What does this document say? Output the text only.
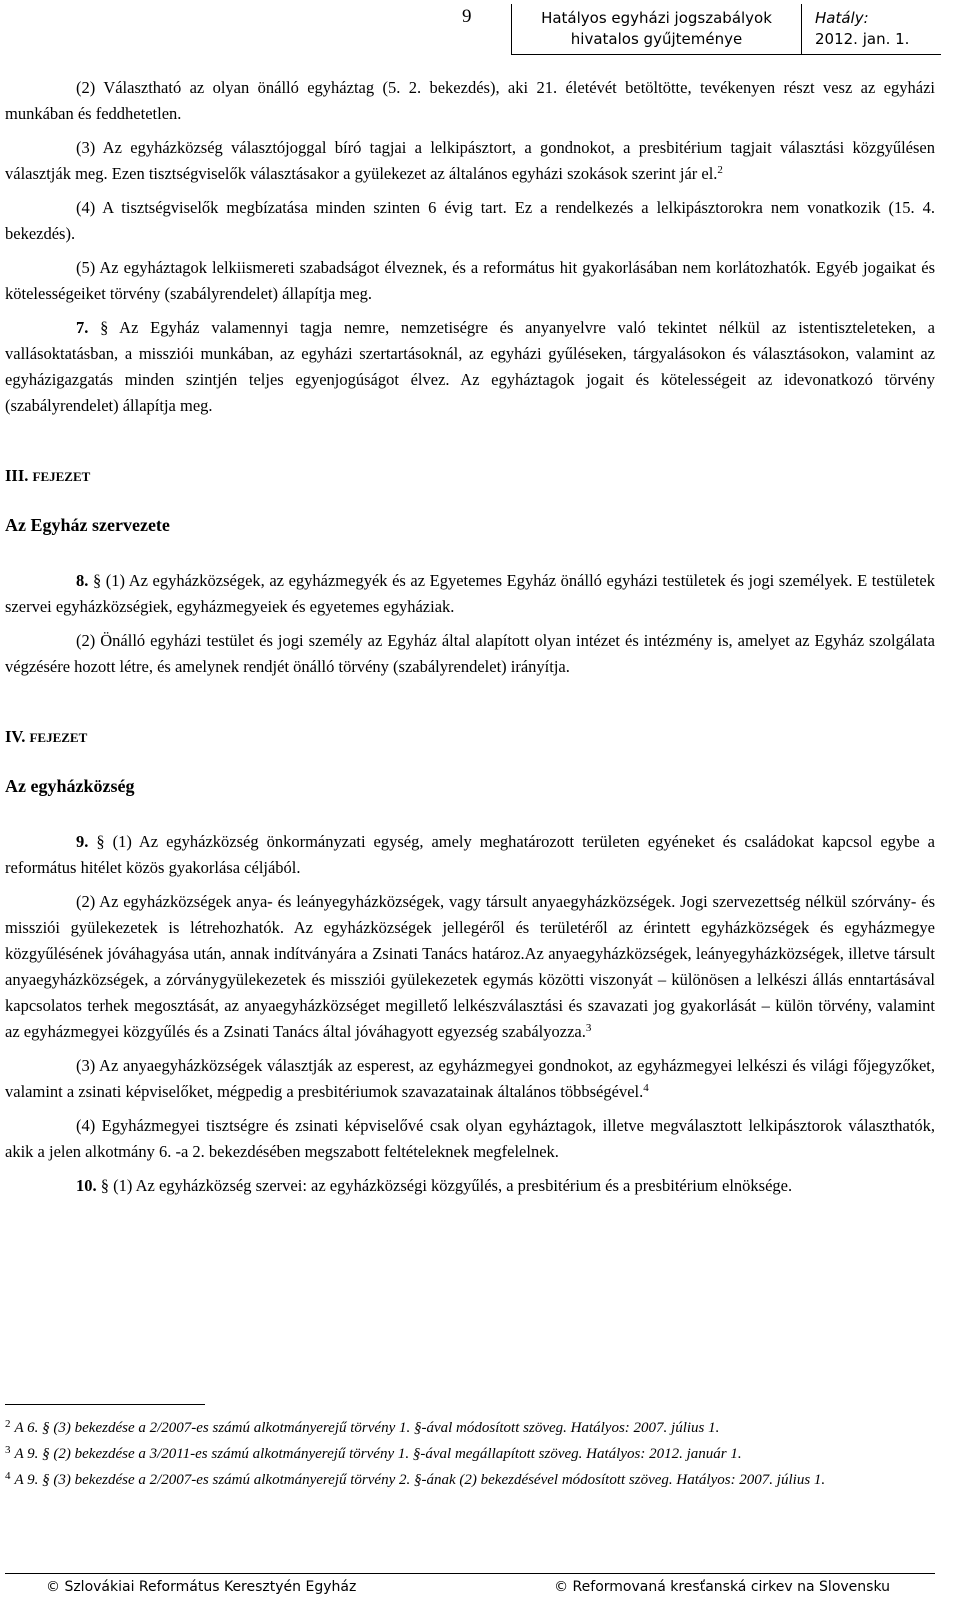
9	Hatályos egyházi jogszabályok
hivatalos gyűjteménye
Hatály:
2012. jan. 1.

(2) Választható az olyan önálló egyháztag (5. 2. bekezdés), aki 21. életévét betöltötte, tevékenyen részt vesz az egyházi munkában és feddhetetlen.

(3) Az egyházközség választójoggal bíró tagjai a lelkipásztort, a gondnokot, a presbitérium tagjait választási közgyűlésen választják meg. Ezen tisztségviselők választásakor a gyülekezet az általános egyházi szokások szerint jár el.$^2$

(4) A tisztségviselők megbízatása minden szinten 6 évig tart. Ez a rendelkezés a lelkipásztorokra nem vonatkozik (15. 4. bekezdés).

(5) Az egyháztagok lelkiismereti szabadságot élveznek, és a református hit gyakorlásában nem korlátozhatók. Egyéb jogaikat és kötelességeiket törvény (szabályrendelet) állapítja meg.

7. § Az Egyház valamennyi tagja nemre, nemzetiségre és anyanyelvre való tekintet nélkül az istentiszteleteken, a vallásoktatásban, a missziói munkában, az egyházi szertartásoknál, az egyházi gyűléseken, tárgyalásokon és választásokon, valamint az egyházigazgatás minden szintjén teljes egyenjogúságot élvez. Az egyháztagok jogait és kötelességeit az idevonatkozó törvény (szabályrendelet) állapítja meg.

III. FEJEZET

Az Egyház szervezete

8. § (1) Az egyházközségek, az egyházmegyék és az Egyetemes Egyház önálló egyházi testületek és jogi személyek. E testületek szervei egyházközségiek, egyházmegyeiek és egyetemes egyháziak.

(2) Önálló egyházi testület és jogi személy az Egyház által alapított olyan intézet és intézmény is, amelyet az Egyház szolgálata végzésére hozott létre, és amelynek rendjét önálló törvény (szabályrendelet) irányítja.

IV. FEJEZET

Az egyházközség

9. § (1) Az egyházközség önkormányzati egység, amely meghatározott területen egyéneket és családokat kapcsol egybe a református hitélet közös gyakorlása céljából.

(2) Az egyházközségek anya- és leányegyházközségek, vagy társult anyaegyházközségek. Jogi szervezettség nélkül szórvány- és missziói gyülekezetek is létrehozhatók. Az egyházközségek jellegéről és területéről az érintett egyházközségek és egyházmegye közgyűlésének jóváhagyása után, annak indítványára a Zsinati Tanács határoz.Az anyaegyházközségek, leányegyházközségek, illetve társult anyaegyházközségek, a zórványgyülekezetek és missziói gyülekezetek egymás közötti viszonyát – különösen a lelkészi állás enntartásával kapcsolatos terhek megosztását, az anyaegyházközséget megillető lelkészválasztási és szavazati jog gyakorlását – külön törvény, valamint az egyházmegyei közgyűlés és a Zsinati Tanács által jóváhagyott egyezség szabályozza.$^3$

(3) Az anyaegyházközségek választják az esperest, az egyházmegyei gondnokot, az egyházmegyei lelkészi és világi főjegyzőket, valamint a zsinati képviselőket, mégpedig a presbitériumok szavazatainak általános többségével.$^4$

(4) Egyházmegyei tisztségre és zsinati képviselővé csak olyan egyháztagok, illetve megválasztott lelkipásztorok választhatók, akik a jelen alkotmány 6. -a 2. bekezdésében megszabott feltételeknek megfelelnek.

10. § (1) Az egyházközség szervei: az egyházközségi közgyűlés, a presbitérium és a presbitérium elnöksége.

$^2$ A 6. § (3) bekezdése a 2/2007-es számú alkotmányerejű törvény 1. §-ával módosított szöveg. Hatályos: 2007. július 1.
$^3$ A 9. § (2) bekezdése a 3/2011-es számú alkotmányerejű törvény 1. §-ával megállapított szöveg. Hatályos: 2012. január 1.
$^4$ A 9. § (3) bekezdése a 2/2007-es számú alkotmányerejű törvény 2. §-ának (2) bekezdésével módosított szöveg. Hatályos: 2007. július 1.
© Szlovákiai Református Keresztyén Egyház	© Reformovaná kresťanská cirkev na Slovensku
